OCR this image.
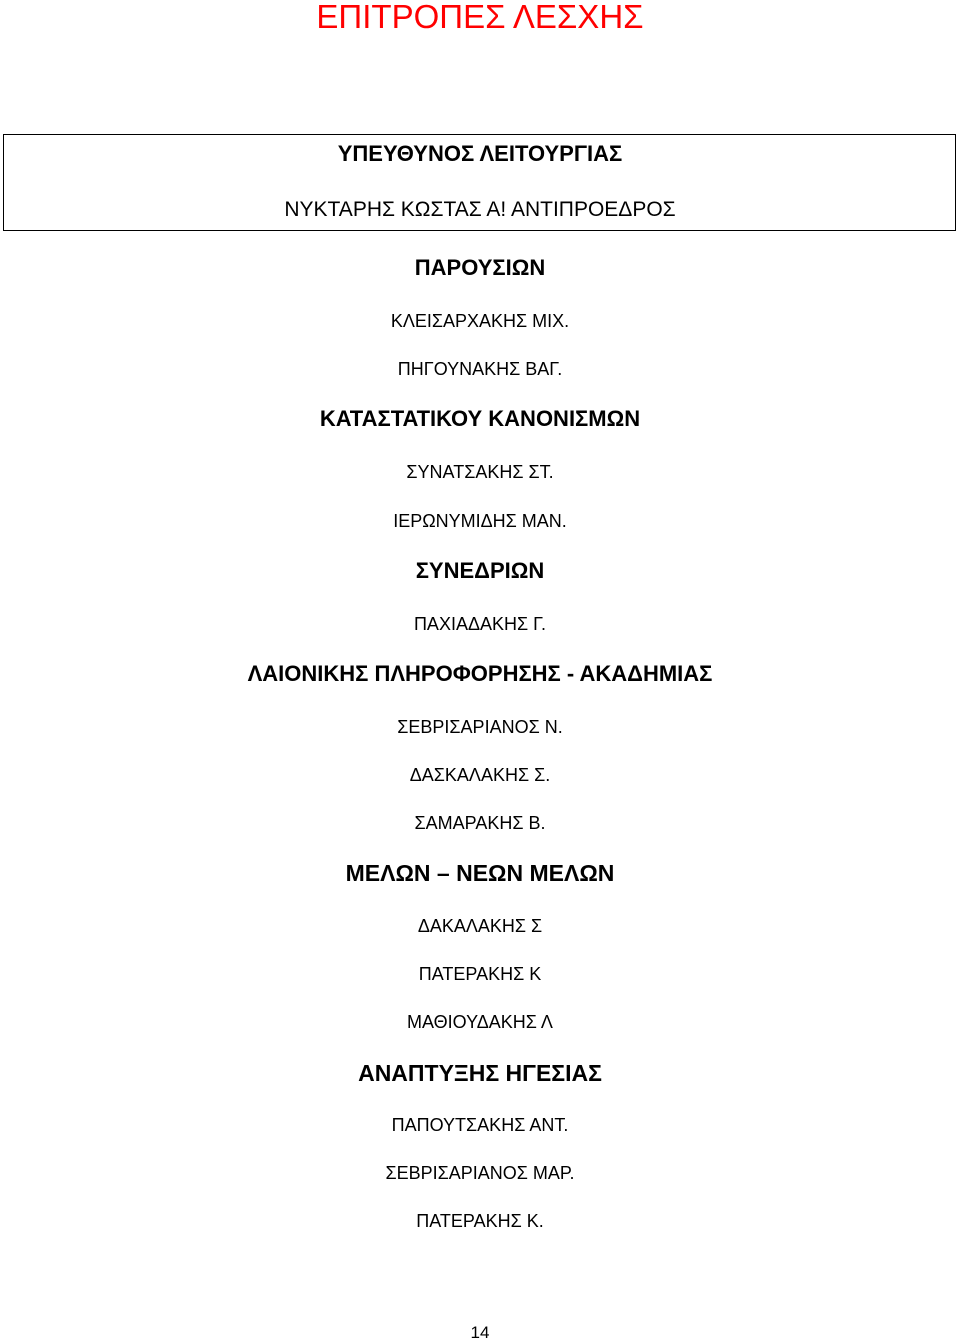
ΕΠΙΤΡΟΠΕΣ ΛΕΣΧΗΣ
ΥΠΕΥΘΥΝΟΣ ΛΕΙΤΟΥΡΓΙΑΣ
ΝΥΚΤΑΡΗΣ ΚΩΣΤΑΣ Α! ΑΝΤΙΠΡΟΕΔΡΟΣ
ΠΑΡΟΥΣΙΩΝ
ΚΛΕΙΣΑΡΧΑΚΗΣ ΜΙΧ.
ΠΗΓΟΥΝΑΚΗΣ ΒΑΓ.
ΚΑΤΑΣΤΑΤΙΚΟΥ ΚΑΝΟΝΙΣΜΩΝ
ΣΥΝΑΤΣΑΚΗΣ ΣΤ.
ΙΕΡΩΝΥΜΙΔΗΣ ΜΑΝ.
ΣΥΝΕΔΡΙΩΝ
ΠΑΧΙΑΔΑΚΗΣ Γ.
ΛΑΙΟΝΙΚΗΣ ΠΛΗΡΟΦΟΡΗΣΗΣ - ΑΚΑΔΗΜΙΑΣ
ΣΕΒΡΙΣΑΡΙΑΝΟΣ Ν.
ΔΑΣΚΑΛΑΚΗΣ Σ.
ΣΑΜΑΡΑΚΗΣ Β.
ΜΕΛΩΝ – ΝΕΩΝ ΜΕΛΩΝ
ΔΑΚΑΛΑΚΗΣ Σ
ΠΑΤΕΡΑΚΗΣ Κ
ΜΑΘΙΟΥΔΑΚΗΣ Λ
ΑΝΑΠΤΥΞΗΣ ΗΓΕΣΙΑΣ
ΠΑΠΟΥΤΣΑΚΗΣ ΑΝΤ.
ΣΕΒΡΙΣΑΡΙΑΝΟΣ ΜΑΡ.
ΠΑΤΕΡΑΚΗΣ Κ.
14
